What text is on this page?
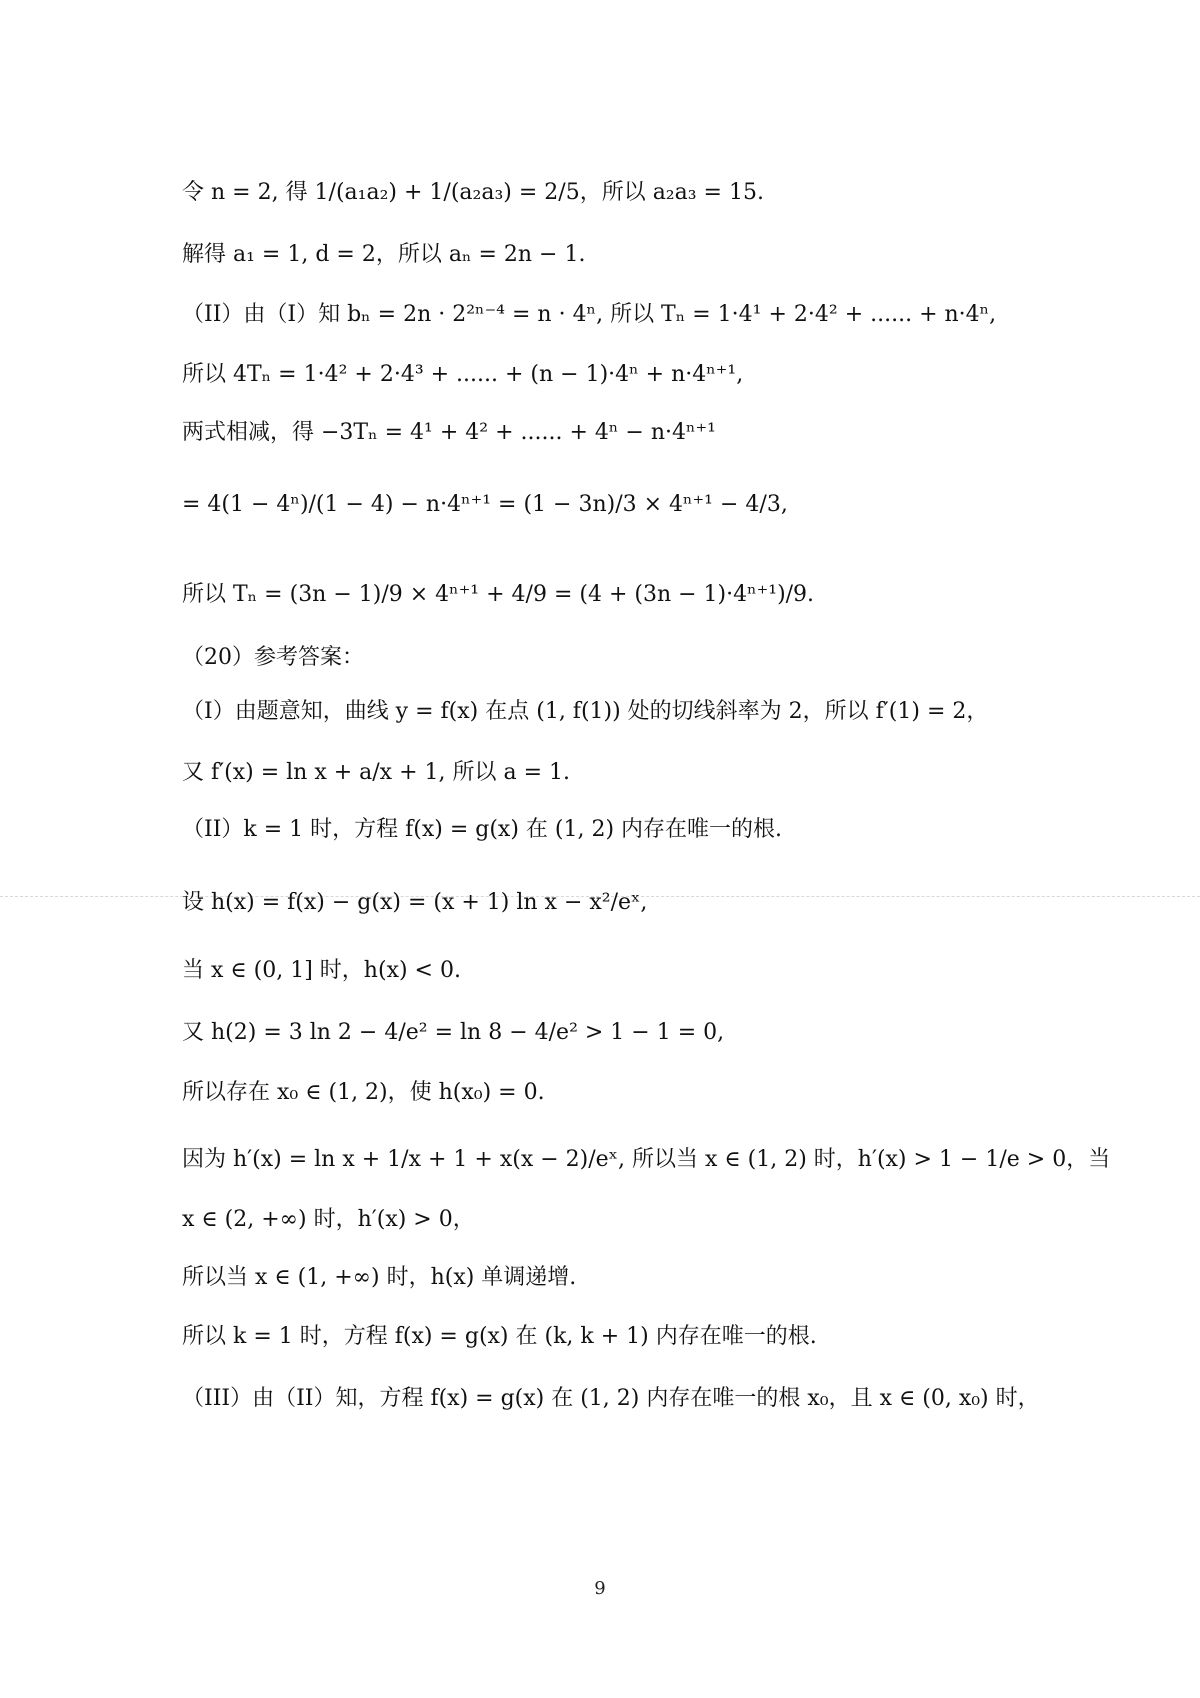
令 n = 2, 得 1/(a₁a₂) + 1/(a₂a₃) = 2/5，所以 a₂a₃ = 15.
解得 a₁ = 1, d = 2，所以 aₙ = 2n − 1.
（II）由（I）知 bₙ = 2n · 2²ⁿ⁻⁴ = n · 4ⁿ, 所以 Tₙ = 1·4¹ + 2·4² + ...... + n·4ⁿ,
所以 4Tₙ = 1·4² + 2·4³ + ...... + (n − 1)·4ⁿ + n·4ⁿ⁺¹,
两式相减，得 −3Tₙ = 4¹ + 4² + ...... + 4ⁿ − n·4ⁿ⁺¹
= 4(1 − 4ⁿ)/(1 − 4) − n·4ⁿ⁺¹ = (1 − 3n)/3 × 4ⁿ⁺¹ − 4/3,
所以 Tₙ = (3n − 1)/9 × 4ⁿ⁺¹ + 4/9 = (4 + (3n − 1)·4ⁿ⁺¹)/9.
（20）参考答案：
（I）由题意知，曲线 y = f(x) 在点 (1, f(1)) 处的切线斜率为 2，所以 f′(1) = 2，
又 f′(x) = ln x + a/x + 1, 所以 a = 1.
（II）k = 1 时，方程 f(x) = g(x) 在 (1, 2) 内存在唯一的根.
设 h(x) = f(x) − g(x) = (x + 1) ln x − x²/eˣ,
当 x ∈ (0, 1] 时，h(x) < 0.
又 h(2) = 3 ln 2 − 4/e² = ln 8 − 4/e² > 1 − 1 = 0,
所以存在 x₀ ∈ (1, 2)，使 h(x₀) = 0.
因为 h′(x) = ln x + 1/x + 1 + x(x − 2)/eˣ, 所以当 x ∈ (1, 2) 时，h′(x) > 1 − 1/e > 0，当
x ∈ (2, +∞) 时，h′(x) > 0，
所以当 x ∈ (1, +∞) 时，h(x) 单调递增.
所以 k = 1 时，方程 f(x) = g(x) 在 (k, k + 1) 内存在唯一的根.
（III）由（II）知，方程 f(x) = g(x) 在 (1, 2) 内存在唯一的根 x₀，且 x ∈ (0, x₀) 时，
9
